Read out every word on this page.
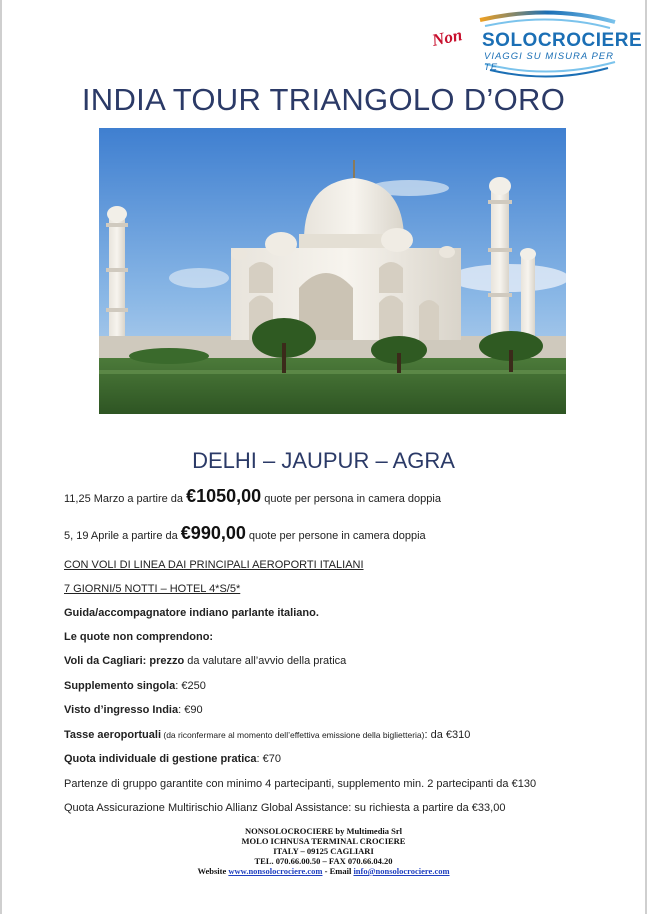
Non SOLOCROCIERE
VIAGGI SU MISURA PER TE
INDIA TOUR TRIANGOLO D’ORO
DELHI – JAUPUR – AGRA
11,25 Marzo a partire da €1050,00 quote per persona in camera doppia
5, 19 Aprile a partire da €990,00 quote per persone in camera doppia
CON VOLI DI LINEA DAI PRINCIPALI AEROPORTI ITALIANI
7 GIORNI/5 NOTTI – HOTEL 4*S/5*
Guida/accompagnatore indiano parlante italiano.
Le quote non comprendono:
Voli da Cagliari: prezzo da valutare all’avvio della pratica
Supplemento singola: €250
Visto d’ingresso India: €90
Tasse aeroportuali (da riconfermare al momento dell’effettiva emissione della biglietteria): da €310
Quota individuale di gestione pratica: €70
Partenze di gruppo garantite con minimo 4 partecipanti, supplemento min. 2 partecipanti da €130
Quota Assicurazione Multirischio Allianz Global Assistance: su richiesta a partire da €33,00
NONSOLOCROCIERE by Multimedia Srl
MOLO ICHNUSA TERMINAL CROCIERE
ITALY – 09125 CAGLIARI
TEL. 070.66.00.50 – FAX 070.66.04.20
Website www.nonsolocrociere.com - Email info@nonsolocrociere.com
